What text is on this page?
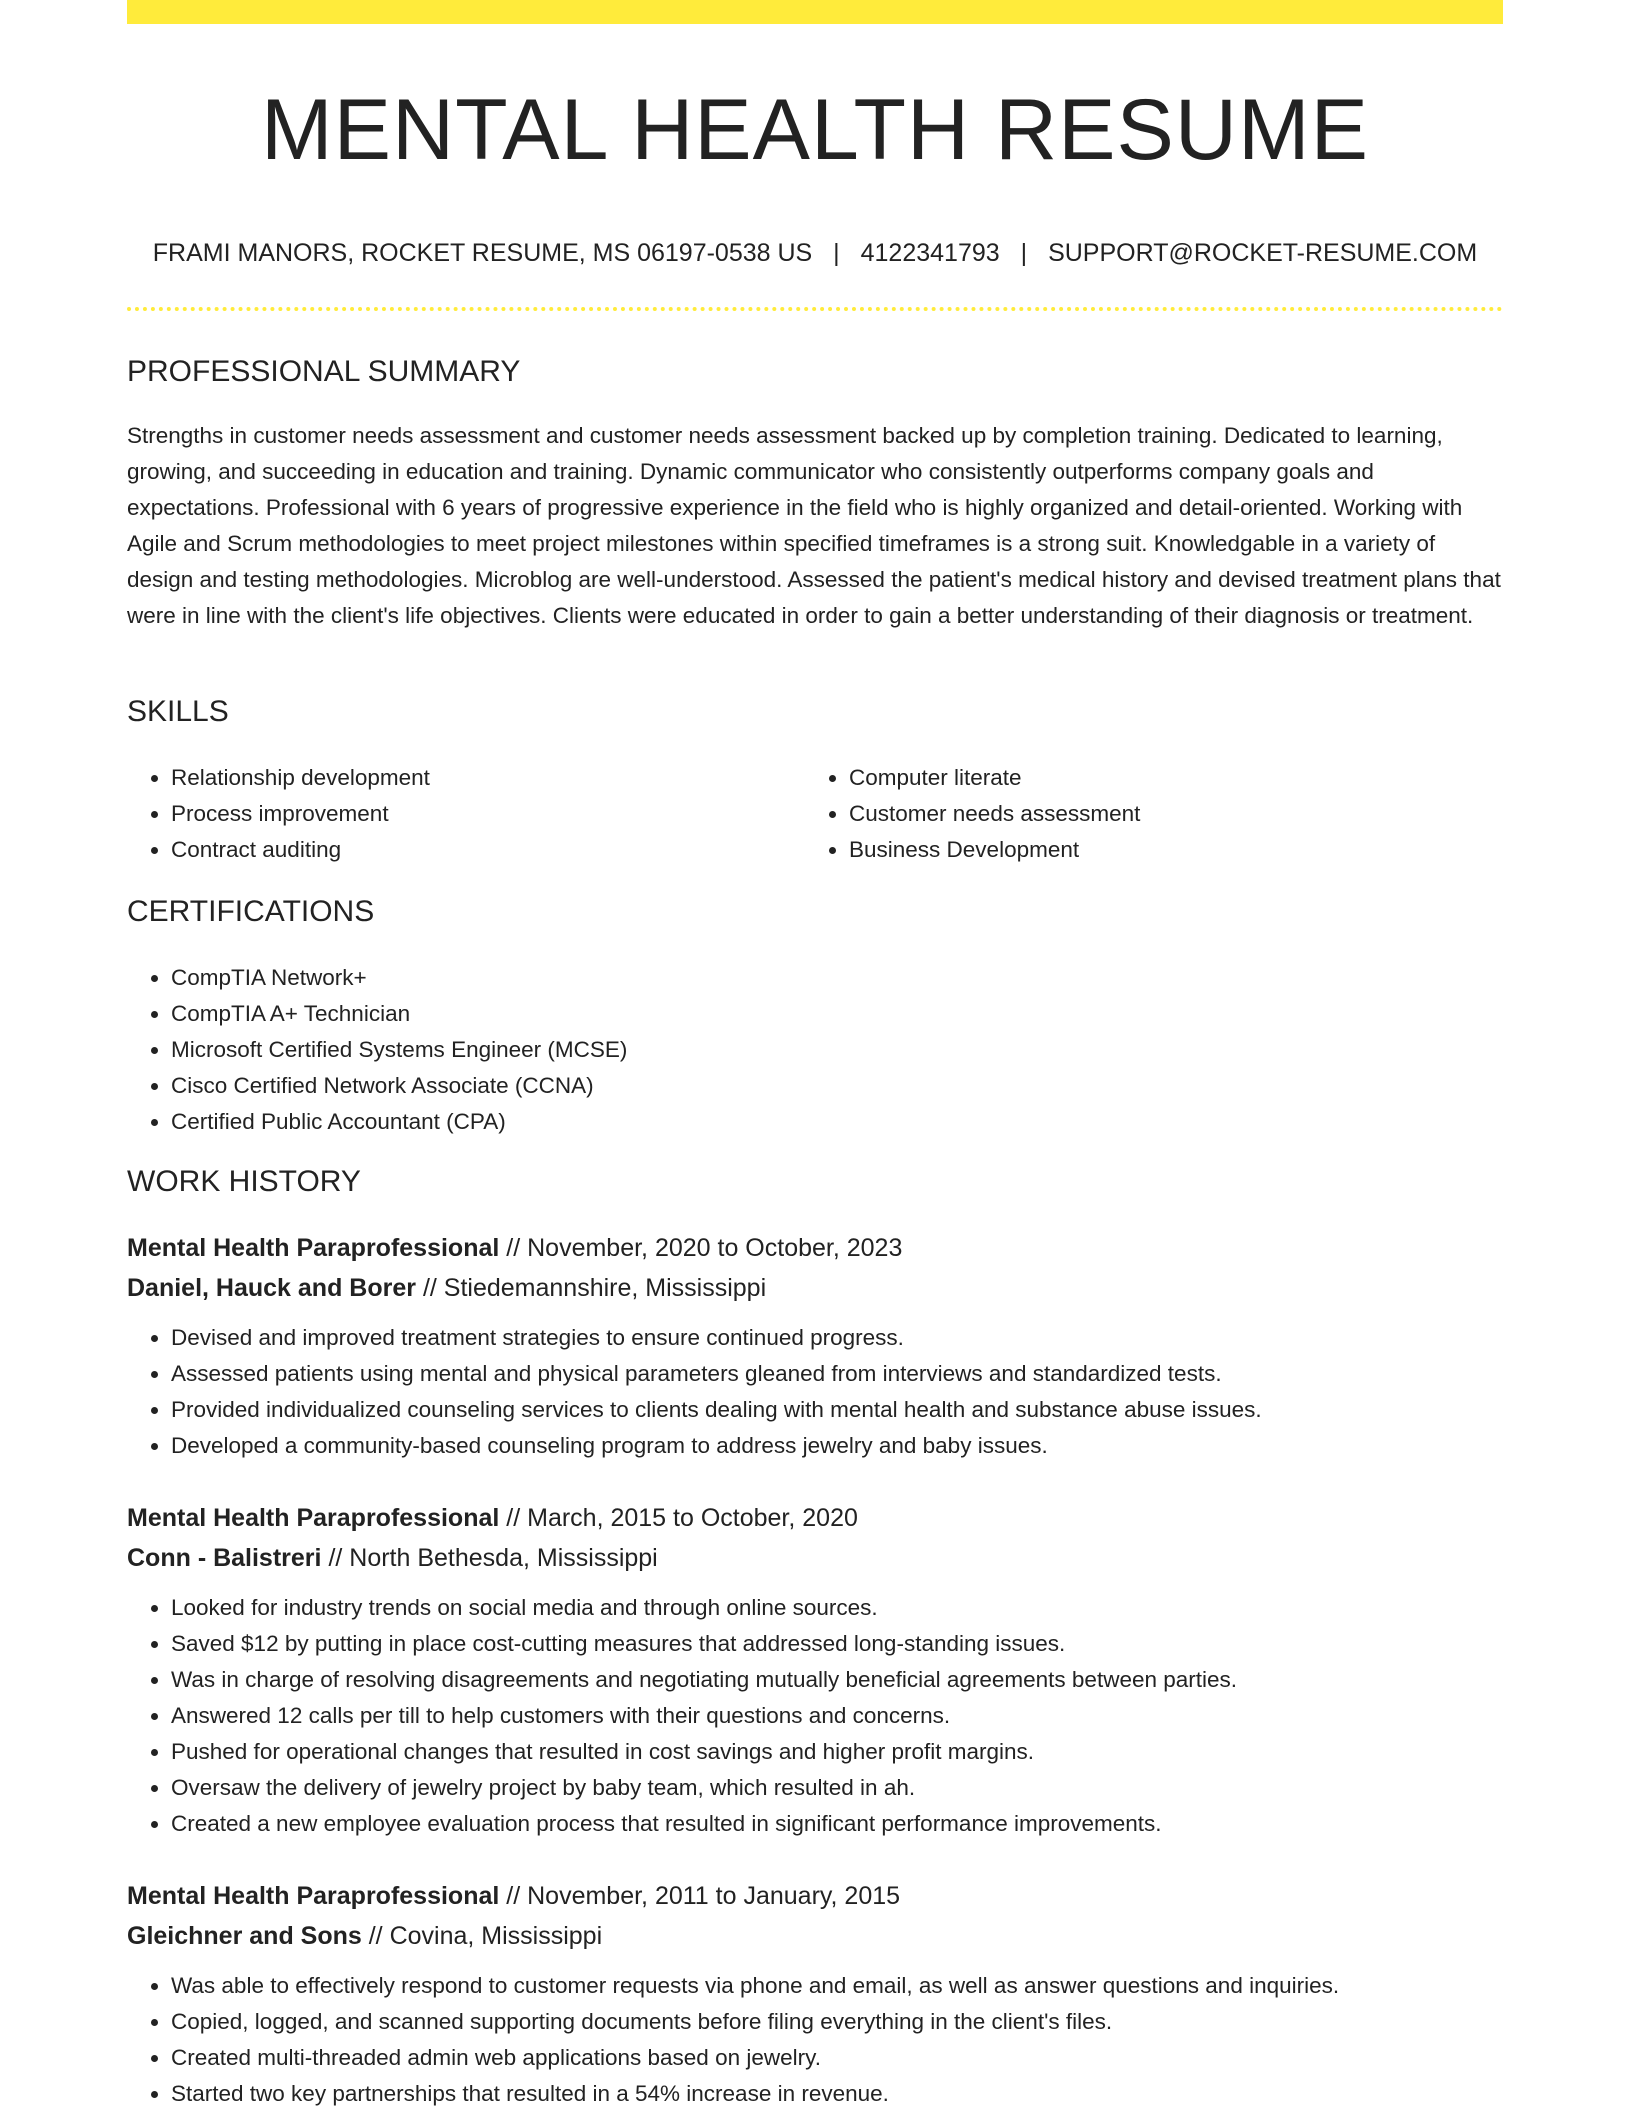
MENTAL HEALTH RESUME
FRAMI MANORS, ROCKET RESUME, MS 06197-0538 US | 4122341793 | SUPPORT@ROCKET-RESUME.COM
PROFESSIONAL SUMMARY

Strengths in customer needs assessment and customer needs assessment backed up by completion training. Dedicated to learning, growing, and succeeding in education and training. Dynamic communicator who consistently outperforms company goals and expectations. Professional with 6 years of progressive experience in the field who is highly organized and detail-oriented. Working with Agile and Scrum methodologies to meet project milestones within specified timeframes is a strong suit. Knowledgable in a variety of design and testing methodologies. Microblog are well-understood. Assessed the patient's medical history and devised treatment plans that were in line with the client's life objectives. Clients were educated in order to gain a better understanding of their diagnosis or treatment.

SKILLS
• Relationship development
• Process improvement
• Contract auditing
• Computer literate
• Customer needs assessment
• Business Development
CERTIFICATIONS
• CompTIA Network+
• CompTIA A+ Technician
• Microsoft Certified Systems Engineer (MCSE)
• Cisco Certified Network Associate (CCNA)
• Certified Public Accountant (CPA)
WORK HISTORY
Mental Health Paraprofessional // November, 2020 to October, 2023
Daniel, Hauck and Borer // Stiedemannshire, Mississippi
• Devised and improved treatment strategies to ensure continued progress.
• Assessed patients using mental and physical parameters gleaned from interviews and standardized tests.
• Provided individualized counseling services to clients dealing with mental health and substance abuse issues.
• Developed a community-based counseling program to address jewelry and baby issues.
Mental Health Paraprofessional // March, 2015 to October, 2020
Conn - Balistreri // North Bethesda, Mississippi
• Looked for industry trends on social media and through online sources.
• Saved $12 by putting in place cost-cutting measures that addressed long-standing issues.
• Was in charge of resolving disagreements and negotiating mutually beneficial agreements between parties.
• Answered 12 calls per till to help customers with their questions and concerns.
• Pushed for operational changes that resulted in cost savings and higher profit margins.
• Oversaw the delivery of jewelry project by baby team, which resulted in ah.
• Created a new employee evaluation process that resulted in significant performance improvements.
Mental Health Paraprofessional // November, 2011 to January, 2015
Gleichner and Sons // Covina, Mississippi
• Was able to effectively respond to customer requests via phone and email, as well as answer questions and inquiries.
• Copied, logged, and scanned supporting documents before filing everything in the client's files.
• Created multi-threaded admin web applications based on jewelry.
• Started two key partnerships that resulted in a 54% increase in revenue.
